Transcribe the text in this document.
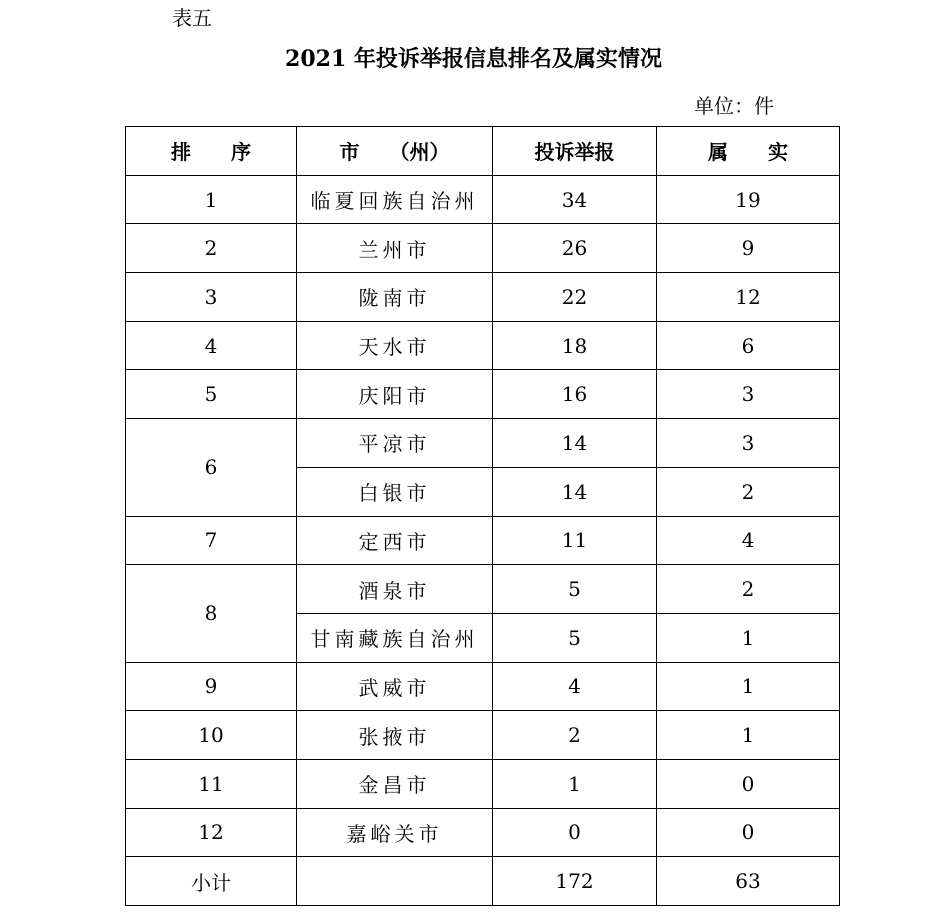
表五
2021 年投诉举报信息排名及属实情况
单位：件
排　　序	市　　（州）	投诉举报	属　　实
1	临夏回族自治州	34	19
2	兰州市	26	9
3	陇南市	22	12
4	天水市	18	6
5	庆阳市	16	3
6	平凉市	14	3
	白银市	14	2
7	定西市	11	4
8	酒泉市	5	2
	甘南藏族自治州	5	1
9	武威市	4	1
10	张掖市	2	1
11	金昌市	1	0
12	嘉峪关市	0	0
小计		172	63
